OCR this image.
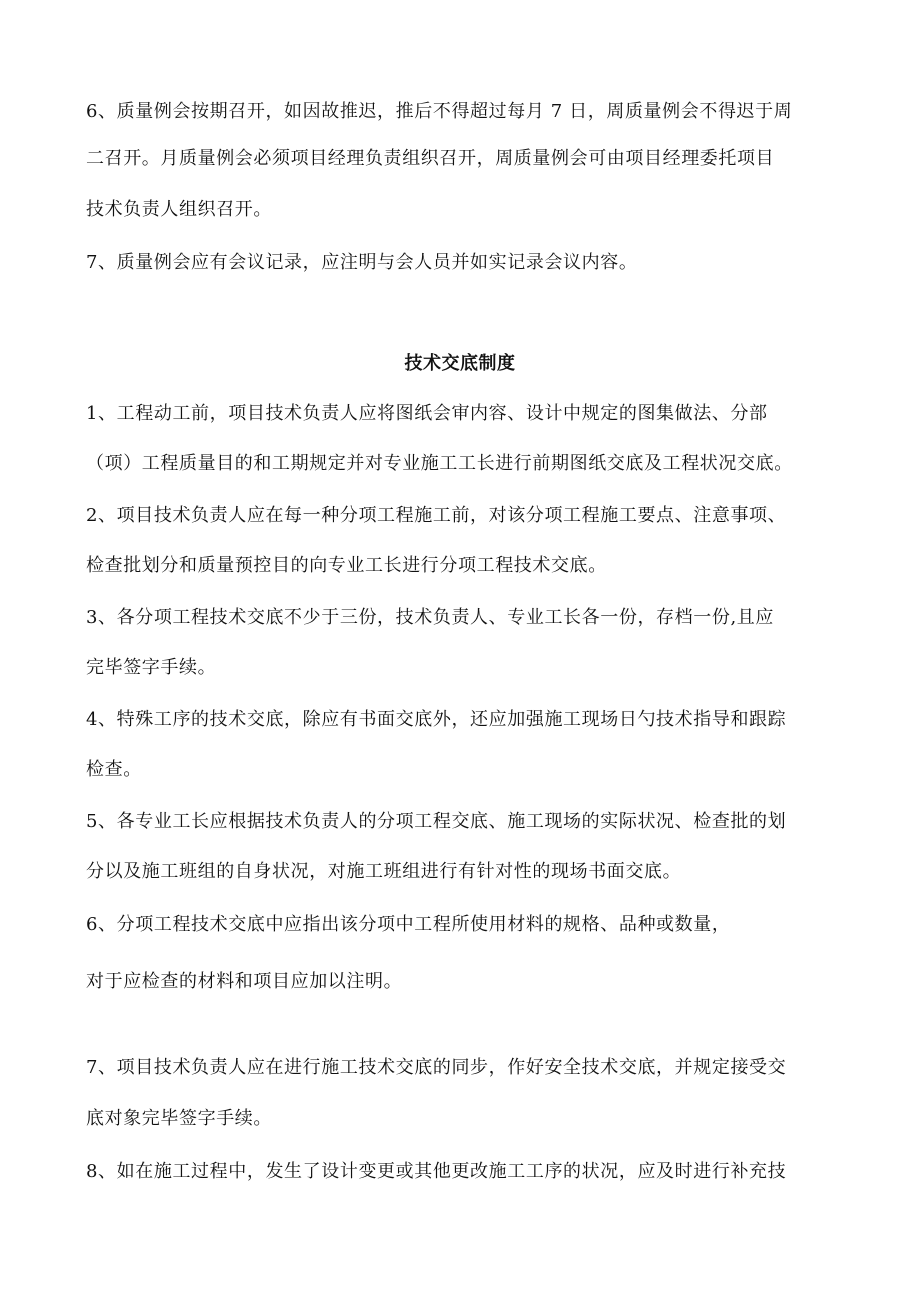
6、质量例会按期召开，如因故推迟，推后不得超过每月 7 日，周质量例会不得迟于周
二召开。月质量例会必须项目经理负责组织召开，周质量例会可由项目经理委托项目
技术负责人组织召开。
7、质量例会应有会议记录，应注明与会人员并如实记录会议内容。
技术交底制度
1、工程动工前，项目技术负责人应将图纸会审内容、设计中规定的图集做法、分部
（项）工程质量目的和工期规定并对专业施工工长进行前期图纸交底及工程状况交底。
2、项目技术负责人应在每一种分项工程施工前，对该分项工程施工要点、注意事项、
检查批划分和质量预控目的向专业工长进行分项工程技术交底。
3、各分项工程技术交底不少于三份，技术负责人、专业工长各一份，存档一份,且应
完毕签字手续。
4、特殊工序的技术交底，除应有书面交底外，还应加强施工现场日勺技术指导和跟踪
检查。
5、各专业工长应根据技术负责人的分项工程交底、施工现场的实际状况、检查批的划
分以及施工班组的自身状况，对施工班组进行有针对性的现场书面交底。
6、分项工程技术交底中应指出该分项中工程所使用材料的规格、品种或数量，
对于应检查的材料和项目应加以注明。
7、项目技术负责人应在进行施工技术交底的同步，作好安全技术交底，并规定接受交
底对象完毕签字手续。
8、如在施工过程中，发生了设计变更或其他更改施工工序的状况，应及时进行补充技
